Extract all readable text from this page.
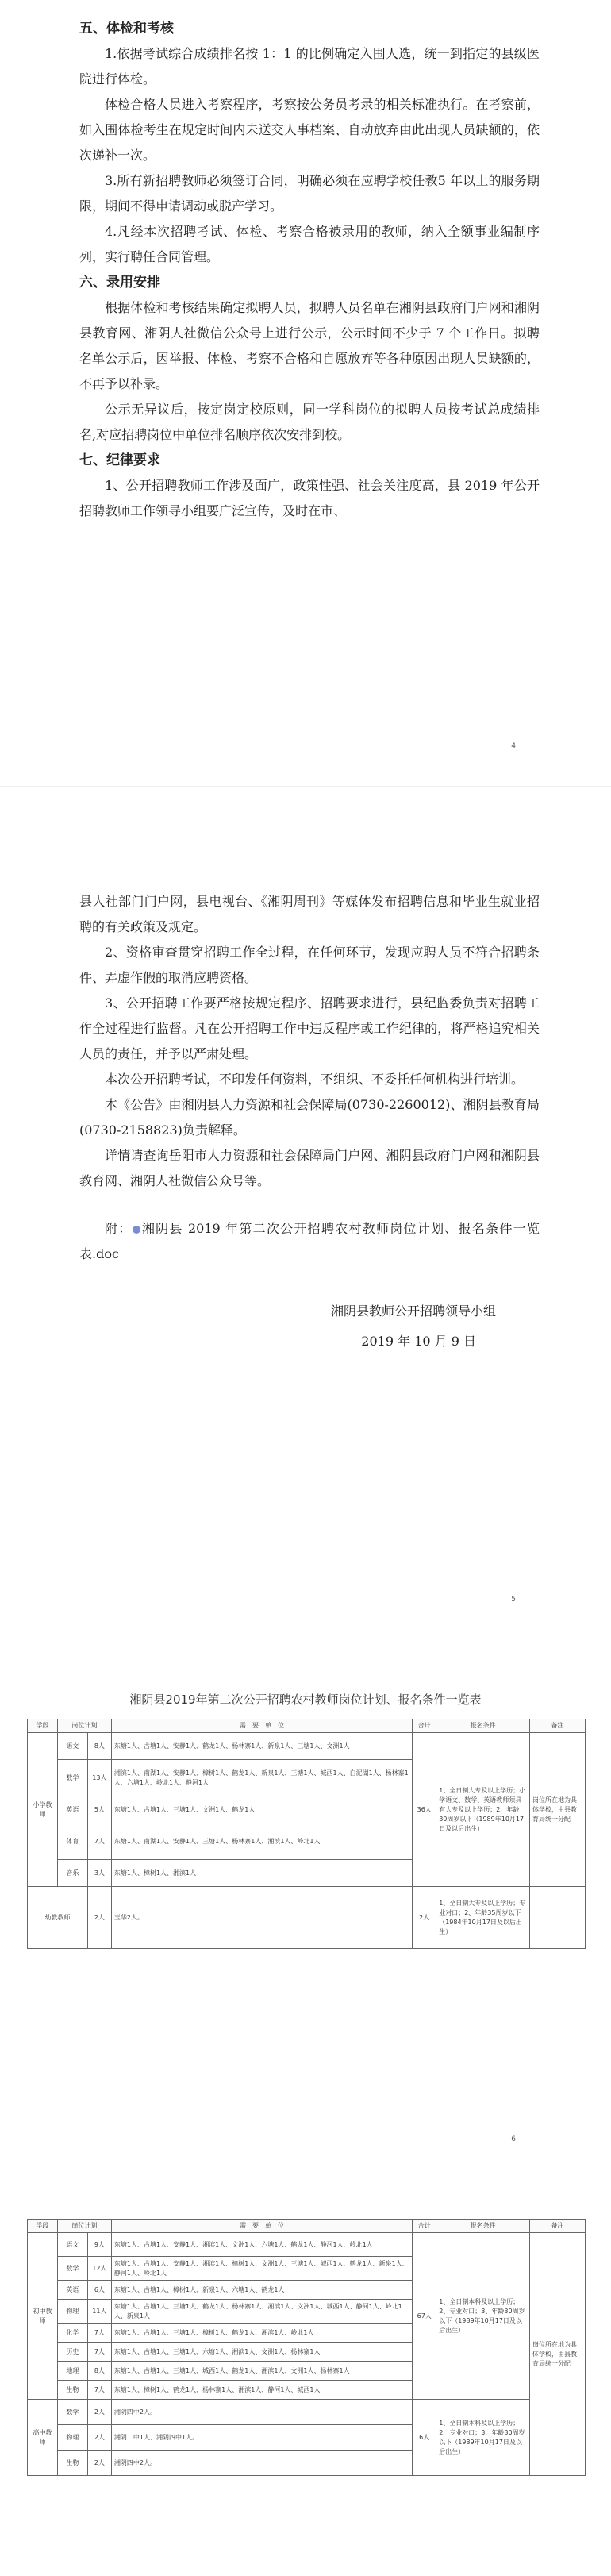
五、体检和考核

1.依据考试综合成绩排名按 1：1 的比例确定入围人选，统一到指定的县级医院进行体检。

体检合格人员进入考察程序，考察按公务员考录的相关标准执行。在考察前，如入围体检考生在规定时间内未送交人事档案、自动放弃由此出现人员缺额的，依次递补一次。

3.所有新招聘教师必须签订合同，明确必须在应聘学校任教5 年以上的服务期限，期间不得申请调动或脱产学习。

4.凡经本次招聘考试、体检、考察合格被录用的教师，纳入全额事业编制序列，实行聘任合同管理。

六、录用安排

根据体检和考核结果确定拟聘人员，拟聘人员名单在湘阴县政府门户网和湘阴县教育网、湘阴人社微信公众号上进行公示，公示时间不少于 7 个工作日。拟聘名单公示后，因举报、体检、考察不合格和自愿放弃等各种原因出现人员缺额的，不再予以补录。

公示无异议后，按定岗定校原则，同一学科岗位的拟聘人员按考试总成绩排名,对应招聘岗位中单位排名顺序依次安排到校。

七、纪律要求

1、公开招聘教师工作涉及面广，政策性强、社会关注度高，县 2019 年公开招聘教师工作领导小组要广泛宣传，及时在市、

4

县人社部门门户网，县电视台、《湘阴周刊》等媒体发布招聘信息和毕业生就业招聘的有关政策及规定。

2、资格审查贯穿招聘工作全过程，在任何环节，发现应聘人员不符合招聘条件、弄虚作假的取消应聘资格。

3、公开招聘工作要严格按规定程序、招聘要求进行，县纪监委负责对招聘工作全过程进行监督。凡在公开招聘工作中违反程序或工作纪律的，将严格追究相关人员的责任，并予以严肃处理。

本次公开招聘考试，不印发任何资料，不组织、不委托任何机构进行培训。

本《公告》由湘阴县人力资源和社会保障局(0730-2260012)、湘阴县教育局(0730-2158823)负责解释。

详情请查询岳阳市人力资源和社会保障局门户网、湘阴县政府门户网和湘阴县教育网、湘阴人社微信公众号等。

附： 湘阴县 2019 年第二次公开招聘农村教师岗位计划、报名条件一览表.doc

湘阴县教师公开招聘领导小组

2019 年 10 月 9 日

5
湘阴县2019年第二次公开招聘农村教师岗位计划、报名条件一览表
学段	岗位计划		需　要　单　位	合计	报名条件	备注
小学教师	语文	8人	东塘1人、古塘1人、安静1人、鹤龙1人、杨林寨1人、新泉1人、三塘1人、文洲1人	36人	1、全日制大专及以上学历；小学语文、数学、英语教师须具有大专及以上学历；2、年龄30周岁以下（1989年10月17日及以后出生）	岗位所在地为具体学校，由县教育局统一分配
	数学	13人	湘滨1人、南湖1人、安静1人、樟树1人、鹤龙1人、新泉1人、三塘1人、城西1人、白泥湖1人、杨林寨1人、六塘1人、岭北1人、静河1人			
	英语	5人	东塘1人、古塘1人、三塘1人、文洲1人、鹤龙1人			
	体育	7人	东塘1人、南湖1人、安静1人、三塘1人、杨林寨1人、湘滨1人、岭北1人			
	音乐	3人	东塘1人、樟树1人、湘滨1人			
幼教教师		2人	玉华2人。	2人	1、全日制大专及以上学历；专业对口；2、年龄35周岁以下（1984年10月17日及以后出生）	
6
学段	岗位计划		需　要　单　位	合计	报名条件	备注
初中教师	语文	9人	东塘1人、古塘1人、安静1人、湘滨1人、文洲1人、六塘1人、鹤龙1人、静河1人、岭北1人	67人	1、全日制本科及以上学历；2、专业对口；3、年龄30周岁以下（1989年10月17日及以后出生）	岗位所在地为具体学校，由县教育局统一分配
	数学	12人	东塘1人、古塘1人、安静1人、湘滨1人、樟树1人、文洲1人、三塘1人、城西1人、鹤龙1人、新泉1人、静河1人、岭北1人			
	英语	6人	东塘1人、古塘1人、樟树1人、新泉1人、六塘1人、鹤龙1人			
	物理	11人	东塘1人、古塘1人、三塘1人、鹤龙1人、杨林寨1人、湘滨1人、文洲1人、城西1人、静河1人、岭北1人、新泉1人			
	化学	7人	东塘1人、古塘1人、三塘1人、樟树1人、鹤龙1人、湘滨1人、岭北1人			
	历史	7人	东塘1人、古塘1人、三塘1人、六塘1人、湘滨1人、文洲1人、杨林寨1人			
	地理	8人	东塘1人、古塘1人、三塘1人、城西1人、鹤龙1人、湘滨1人、文洲1人、杨林寨1人			
	生物	7人	东塘1人、樟树1人、鹤龙1人、杨林寨1人、湘滨1人、静河1人、城西1人			
高中教师	数学	2人	湘阴四中2人。	6人	1、全日制本科及以上学历；2、专业对口；3、年龄30周岁以下（1989年10月17日及以后出生）	
	物理	2人	湘阴二中1人、湘阴四中1人。			
	生物	2人	湘阴四中2人。			
